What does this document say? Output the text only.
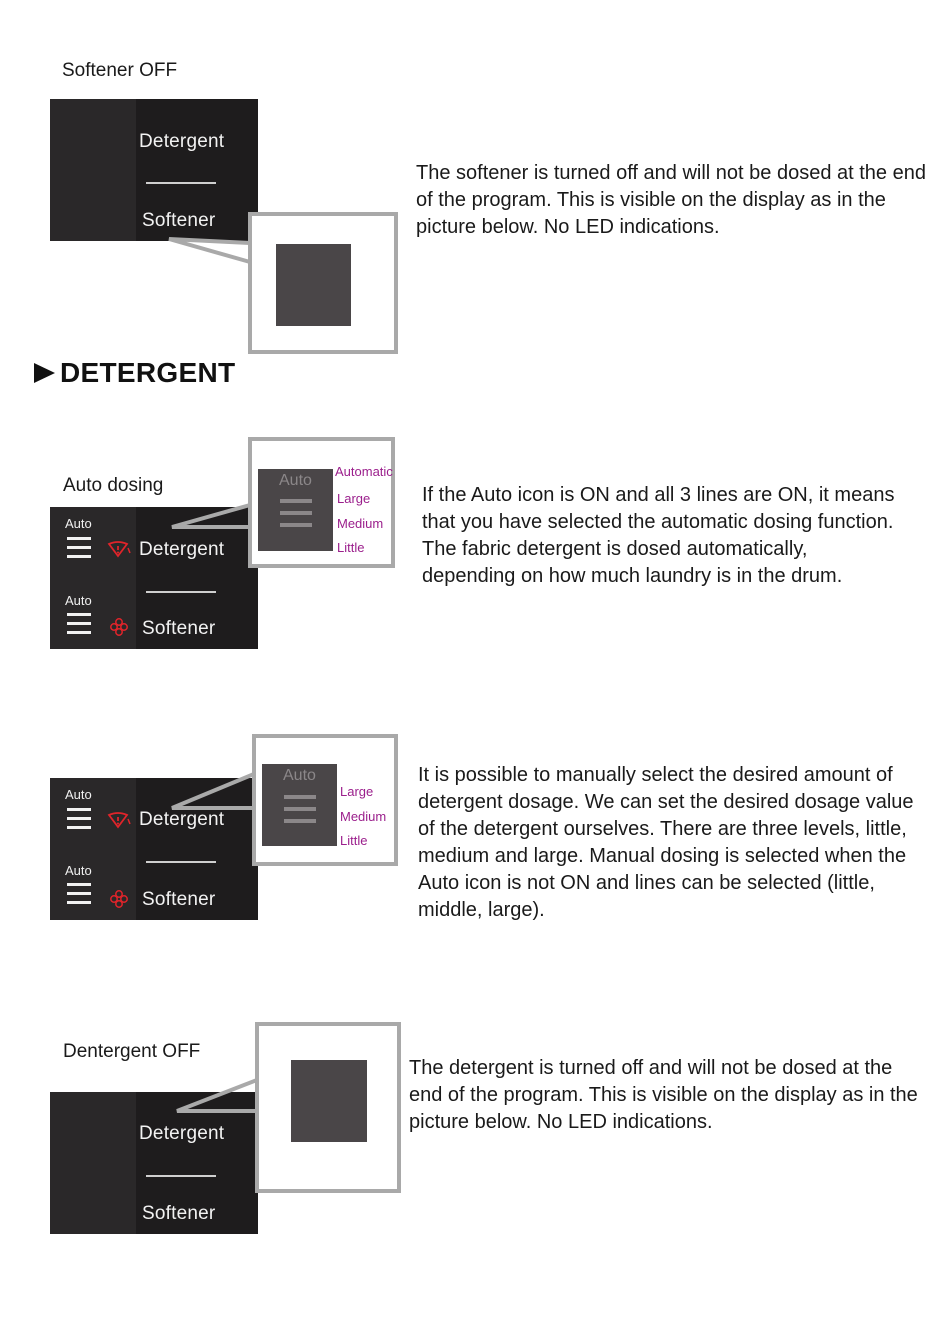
Softener OFF
Detergent
Softener

The softener is turned off and will not be dosed at the end of the program. This is visible on the display as in the picture below. No LED indications.

DETERGENT
Auto dosing
Auto
Detergent
Auto
Softener
Auto
Automatic
Large
Medium
Little

If the Auto icon is ON and all 3 lines are ON, it means that you have selected the automatic dosing function. The fabric detergent is dosed automatically, depending on how much laundry is in the drum.

Auto
Detergent
Auto
Softener
Auto
Large
Medium
Little

It is possible to manually select the desired amount of detergent dosage. We can set the desired dosage value of the detergent ourselves. There are three levels, little, medium and large. Manual dosing is selected when the Auto icon is not ON and lines can be selected (little, middle, large).

Dentergent OFF
Detergent
Softener

The detergent is turned off and will not be dosed at the end of the program. This is visible on the display as in the picture below. No LED indications.
